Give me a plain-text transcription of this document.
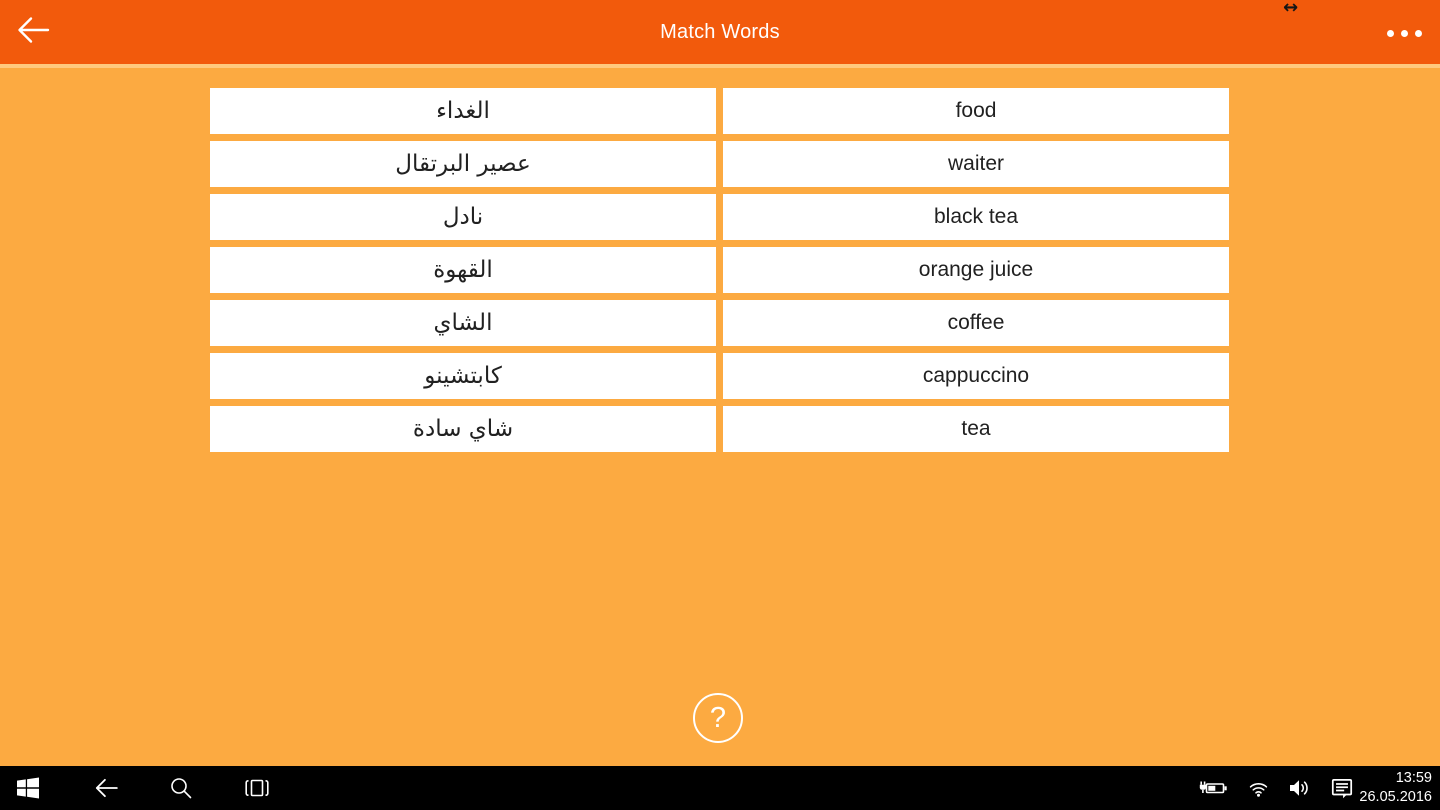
Match Words
↔
الغداء
عصير البرتقال
نادل
القهوة
الشاي
كابتشينو
شاي سادة
food
waiter
black tea
orange juice
coffee
cappuccino
tea
?
13:59
26.05.2016
